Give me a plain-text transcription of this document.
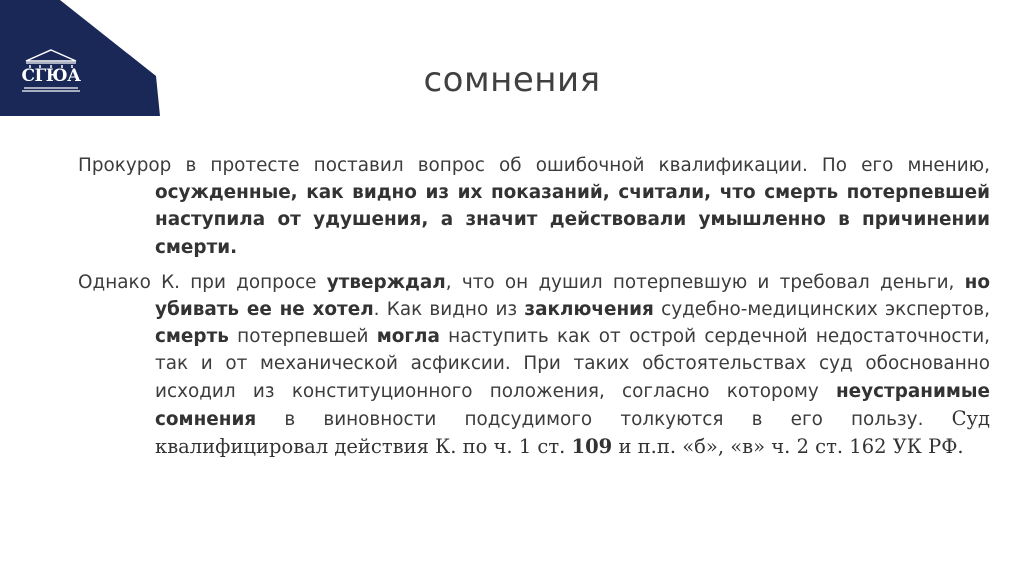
СГЮА	сомнения

Прокурор в протесте поставил вопрос об ошибочной квалификации. По его мнению, осужденные, как видно из их показаний, считали, что смерть потерпевшей наступила от удушения, а значит действовали умышленно в причинении смерти.

Однако К. при допросе утверждал, что он душил потерпевшую и требовал деньги, но убивать ее не хотел. Как видно из заключения судебно-медицинских экспертов, смерть потерпевшей могла наступить как от острой сердечной недостаточности, так и от механической асфиксии. При таких обстоятельствах суд обоснованно исходил из конституционного положения, согласно которому неустранимые сомнения в виновности подсудимого толкуются в его пользу. Суд квалифицировал действия К. по ч. 1 ст. 109 и п.п. «б», «в» ч. 2 ст. 162 УК РФ.
